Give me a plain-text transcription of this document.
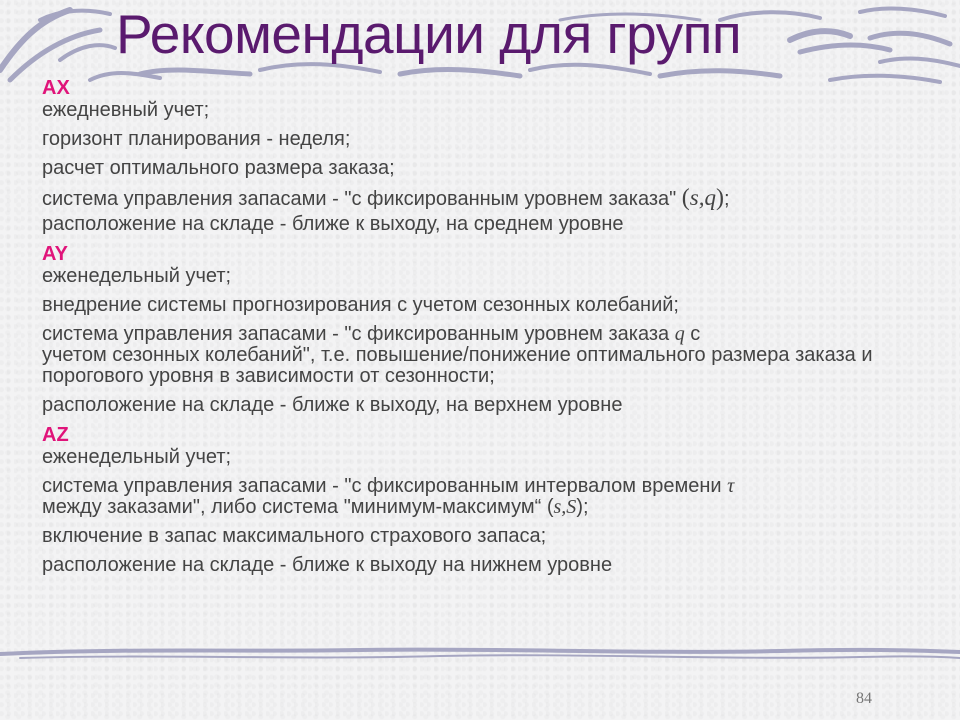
Рекомендации для групп
AX
ежедневный учет;
горизонт планирования - неделя;
расчет оптимального размера заказа;
система управления запасами - "с фиксированным уровнем заказа" (s,q);
расположение на складе - ближе к выходу, на среднем уровне
AY
еженедельный учет;
внедрение системы прогнозирования с учетом сезонных колебаний;
система управления запасами - "с фиксированным уровнем заказа q с
учетом сезонных колебаний", т.е. повышение/понижение оптимального размера заказа и порогового уровня в зависимости от сезонности;
расположение на складе - ближе к выходу, на верхнем уровне
AZ
еженедельный учет;
система управления запасами - "с фиксированным интервалом времени τ
между заказами", либо система "минимум-максимум“ (s,S);
включение в запас максимального страхового запаса;
расположение на складе - ближе к выходу на нижнем уровне
84
